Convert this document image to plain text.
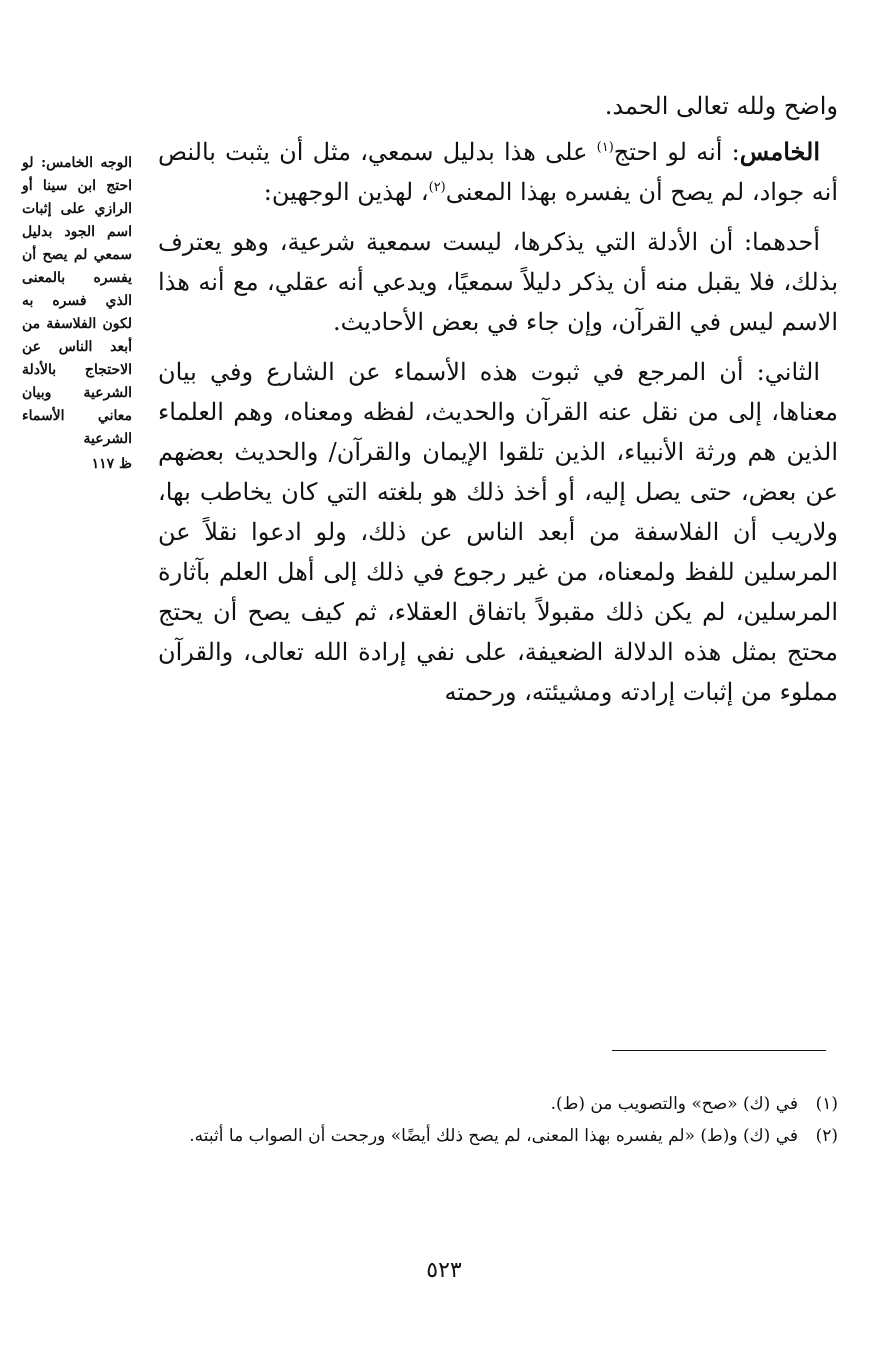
واضح ولله تعالى الحمد.

الخامس: أنه لو احتج$^{(١)}$ على هذا بدليل سمعي، مثل أن يثبت بالنص أنه جواد، لم يصح أن يفسره بهذا المعنى$^{(٢)}$، لهذين الوجهين:

أحدهما: أن الأدلة التي يذكرها، ليست سمعية شرعية، وهو يعترف بذلك، فلا يقبل منه أن يذكر دليلاً سمعيًا، ويدعي أنه عقلي، مع أنه هذا الاسم ليس في القرآن، وإن جاء في بعض الأحاديث.

الثاني: أن المرجع في ثبوت هذه الأسماء عن الشارع وفي بيان معناها، إلى من نقل عنه القرآن والحديث، لفظه ومعناه، وهم العلماء الذين هم ورثة الأنبياء، الذين تلقوا الإيمان والقرآن/ والحديث بعضهم عن بعض، حتى يصل إليه، أو أخذ ذلك هو بلغته التي كان يخاطب بها، ولاريب أن الفلاسفة من أبعد الناس عن ذلك، ولو ادعوا نقلاً عن المرسلين للفظ ولمعناه، من غير رجوع في ذلك إلى أهل العلم بآثارة المرسلين، لم يكن ذلك مقبولاً باتفاق العقلاء، ثم كيف يصح أن يحتج محتج بمثل هذه الدلالة الضعيفة، على نفي إرادة الله تعالى، والقرآن مملوء من إثبات إرادته ومشيئته، ورحمته

الوجه الخامس: لو احتج ابن سينا أو الرازي على إثبات اسم الجود بدليل سمعي لم يصح أن يفسره بالمعنى الذي فسره به لكون الفلاسفة من أبعد الناس عن الاحتجاج بالأدلة الشرعية وبيان معاني الأسماء الشرعية
ظ ١١٧
(١)
في (ك) «صح» والتصويب من (ط).
(٢)
في (ك) و(ط) «لم يفسره بهذا المعنى، لم يصح ذلك أيضًا» ورجحت أن الصواب ما أثبته.
٥٢٣
